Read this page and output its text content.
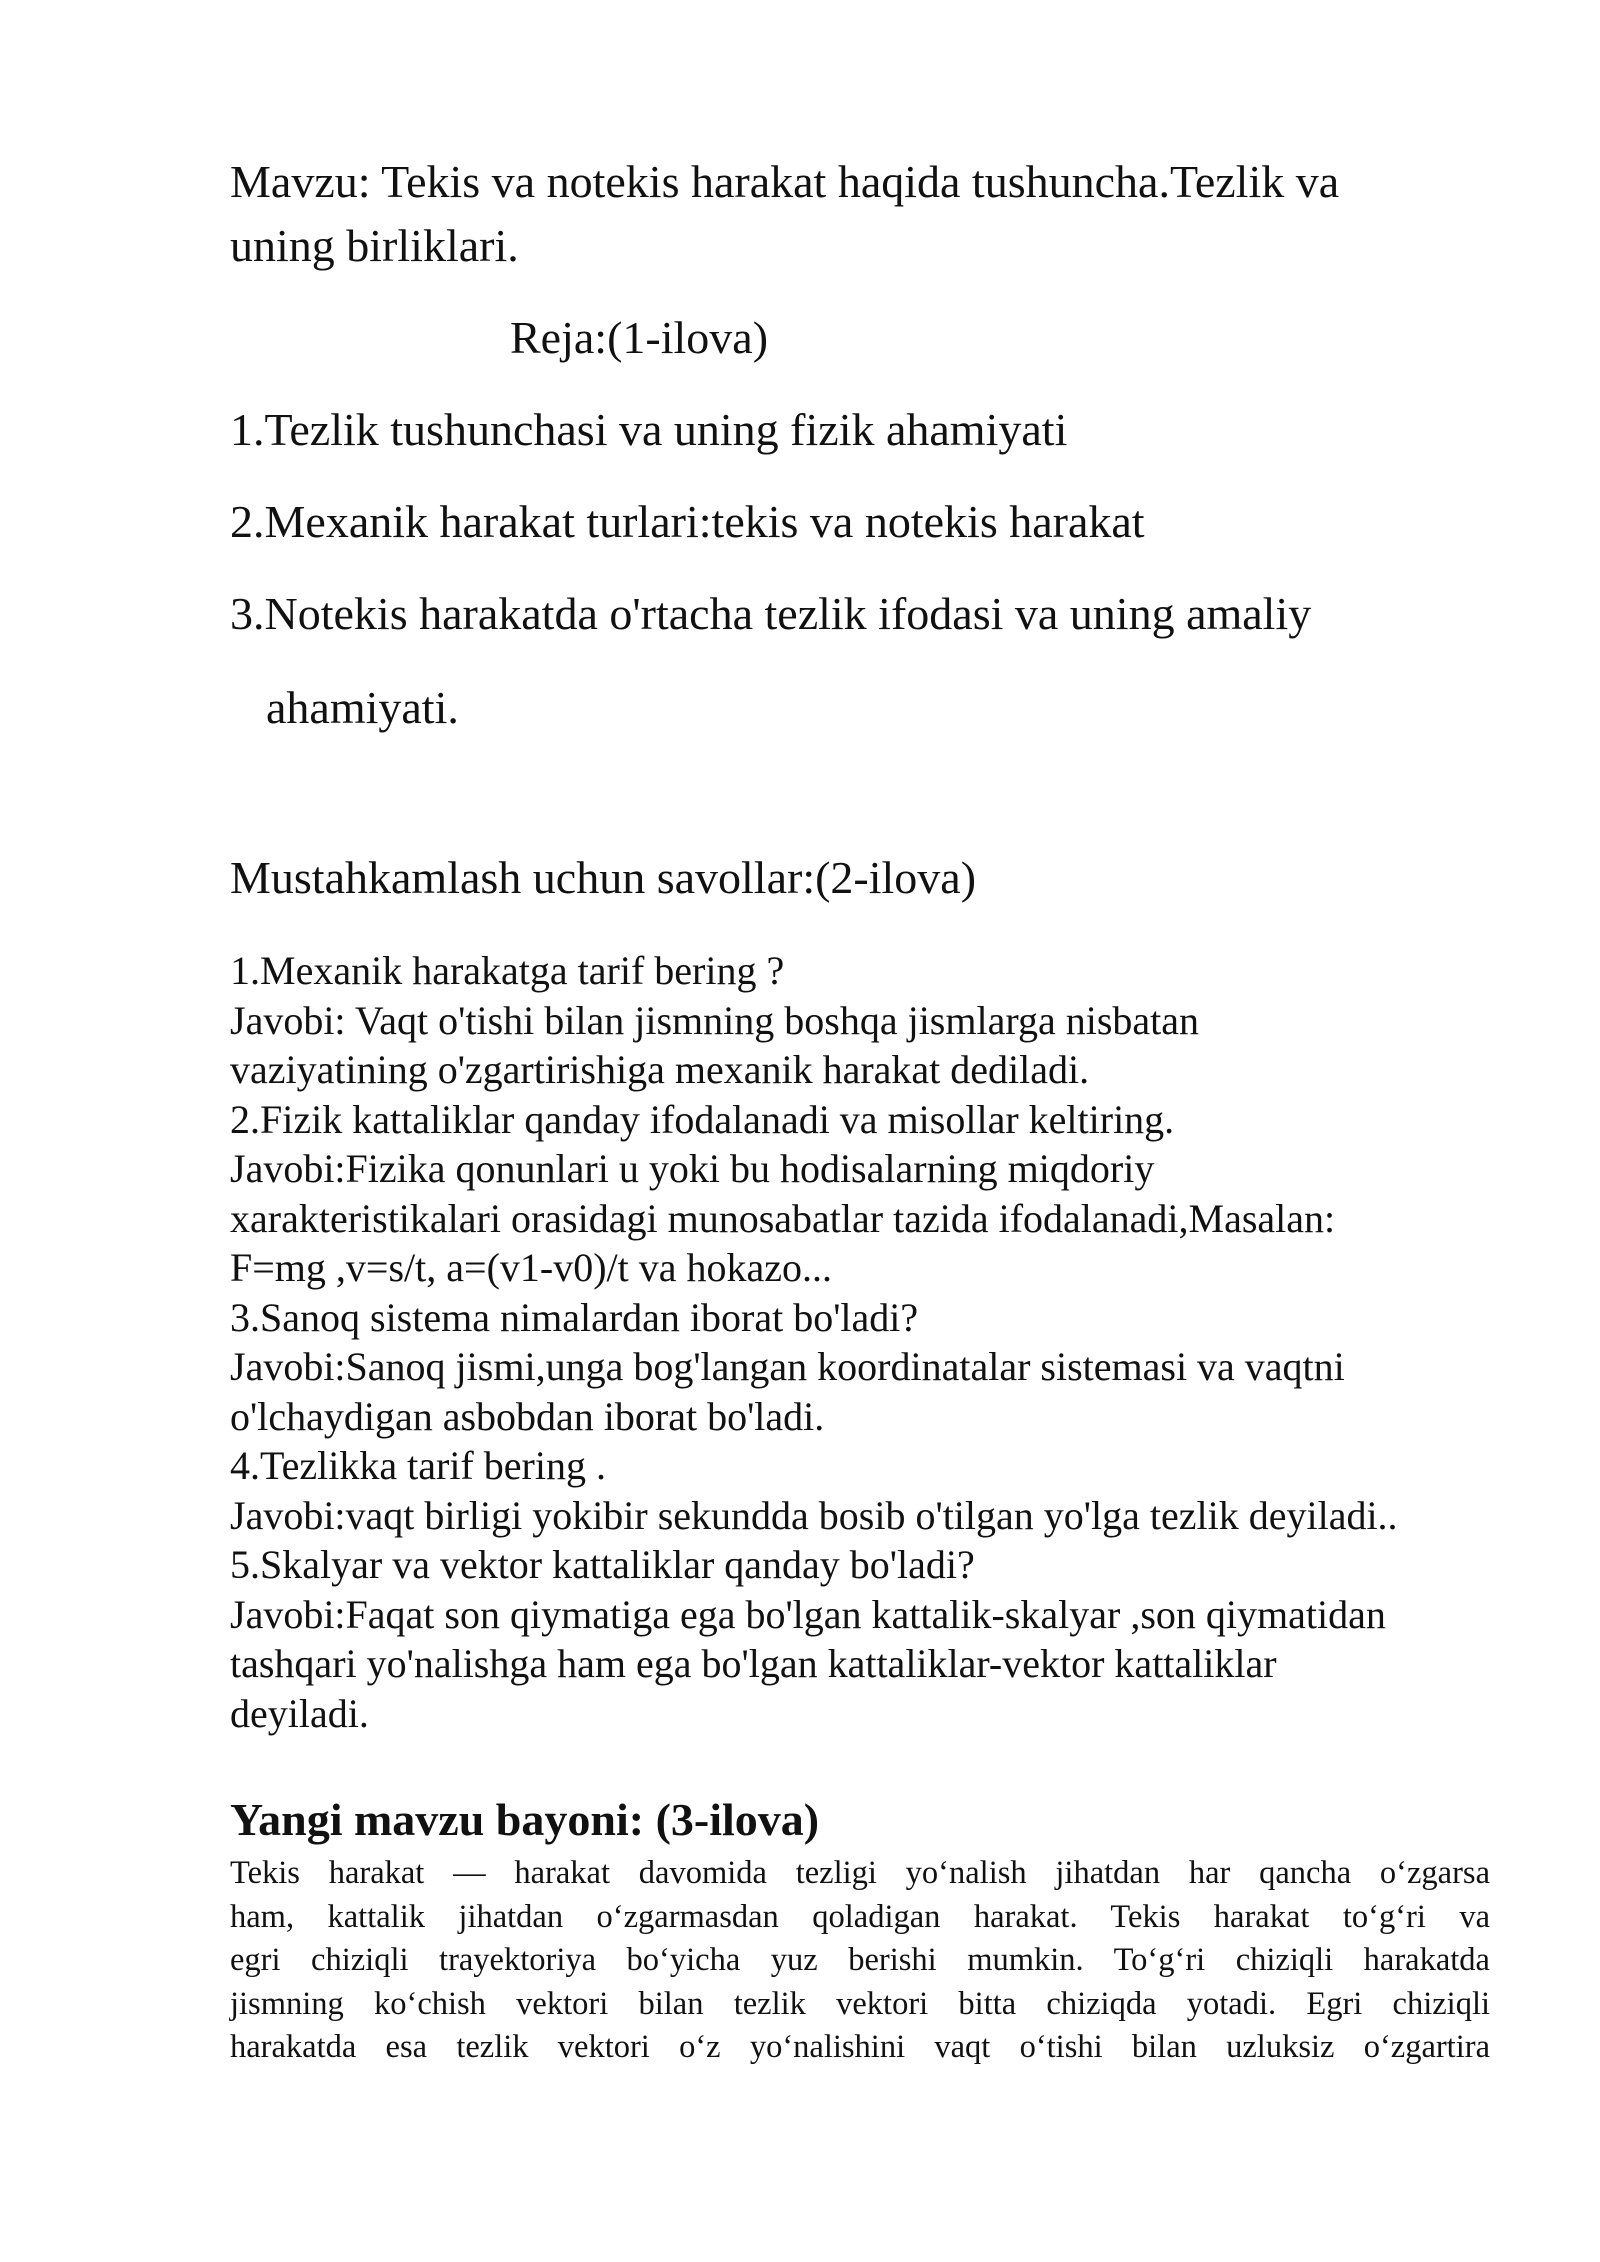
Mavzu: Tekis va notekis harakat haqida tushuncha.Tezlik va

uning birliklari.

Reja:(1-ilova)

1.Tezlik tushunchasi va uning fizik ahamiyati

2.Mexanik harakat turlari:tekis va notekis harakat

3.Notekis harakatda o'rtacha tezlik ifodasi va uning amaliy

ahamiyati.

Mustahkamlash uchun savollar:(2-ilova)

1.Mexanik harakatga tarif bering ?

Javobi: Vaqt o'tishi bilan jismning boshqa jismlarga nisbatan

vaziyatining o'zgartirishiga mexanik harakat dediladi.

2.Fizik kattaliklar qanday ifodalanadi va misollar keltiring.

Javobi:Fizika qonunlari u yoki bu hodisalarning miqdoriy

xarakteristikalari orasidagi munosabatlar tazida ifodalanadi,Masalan:

F=mg ,v=s/t, a=(v1-v0)/t va hokazo...

3.Sanoq sistema nimalardan iborat bo'ladi?

Javobi:Sanoq jismi,unga bog'langan koordinatalar sistemasi va vaqtni

o'lchaydigan asbobdan iborat bo'ladi.

4.Tezlikka tarif bering .

Javobi:vaqt birligi yokibir sekundda bosib o'tilgan yo'lga tezlik deyiladi..

5.Skalyar va vektor kattaliklar qanday bo'ladi?

Javobi:Faqat son qiymatiga ega bo'lgan kattalik-skalyar ,son qiymatidan

tashqari yo'nalishga ham ega bo'lgan kattaliklar-vektor kattaliklar

deyiladi.

Yangi mavzu bayoni: (3-ilova)

Tekis harakat — harakat davomida tezligi yo‘nalish jihatdan har qancha o‘zgarsa
ham, kattalik jihatdan o‘zgarmasdan qoladigan harakat. Tekis harakat to‘g‘ri va
egri chiziqli trayektoriya bo‘yicha yuz berishi mumkin. To‘g‘ri chiziqli harakatda
jismning ko‘chish vektori bilan tezlik vektori bitta chiziqda yotadi. Egri chiziqli
harakatda esa tezlik vektori o‘z yo‘nalishini vaqt o‘tishi bilan uzluksiz o‘zgartira
